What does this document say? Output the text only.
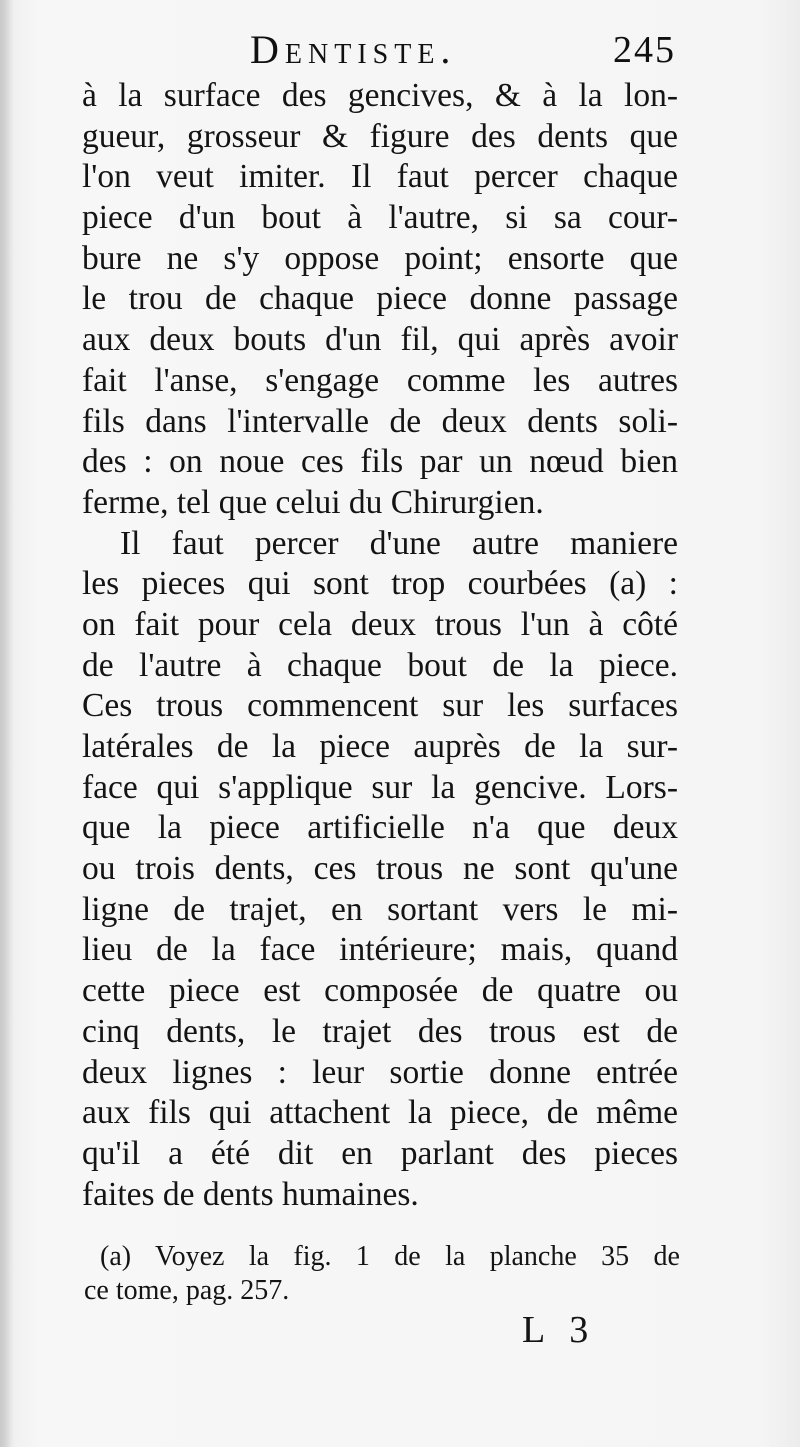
Dentiste.	245
à la surface des gencives, & à la lon-
gueur, grosseur & figure des dents que
l'on veut imiter. Il faut percer chaque
piece d'un bout à l'autre, si sa cour-
bure ne s'y oppose point; ensorte que
le trou de chaque piece donne passage
aux deux bouts d'un fil, qui après avoir
fait l'anse, s'engage comme les autres
fils dans l'intervalle de deux dents soli-
des : on noue ces fils par un nœud bien
ferme, tel que celui du Chirurgien.
Il faut percer d'une autre maniere
les pieces qui sont trop courbées (a) :
on fait pour cela deux trous l'un à côté
de l'autre à chaque bout de la piece.
Ces trous commencent sur les surfaces
latérales de la piece auprès de la sur-
face qui s'applique sur la gencive. Lors-
que la piece artificielle n'a que deux
ou trois dents, ces trous ne sont qu'une
ligne de trajet, en sortant vers le mi-
lieu de la face intérieure; mais, quand
cette piece est composée de quatre ou
cinq dents, le trajet des trous est de
deux lignes : leur sortie donne entrée
aux fils qui attachent la piece, de même
qu'il a été dit en parlant des pieces
faites de dents humaines.
(a) Voyez la fig. 1 de la planche 35 de
ce tome, pag. 257.
L 3
